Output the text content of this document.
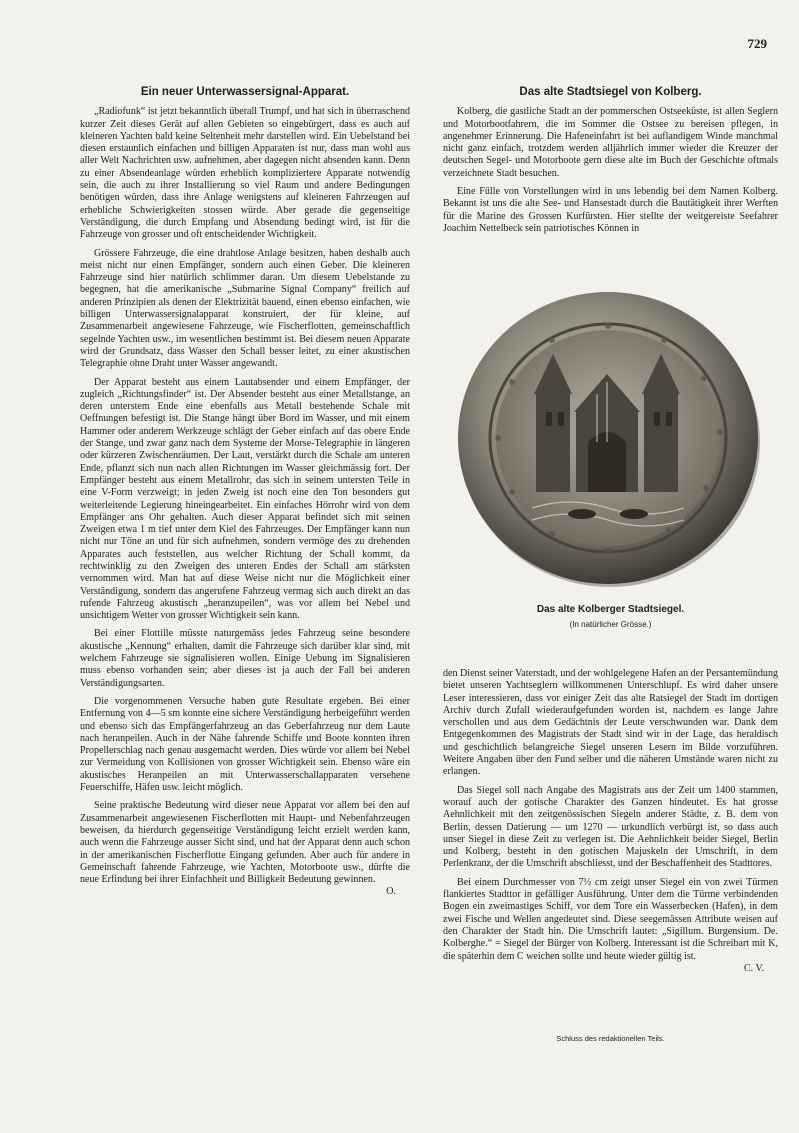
729
Ein neuer Unterwassersignal-Apparat.

„Radiofunk“ ist jetzt bekanntlich überall Trumpf, und hat sich in überraschend kurzer Zeit dieses Gerät auf allen Gebieten so eingebürgert, dass es auch auf kleineren Yachten bald keine Seltenheit mehr darstellen wird. Ein Uebelstand bei diesen erstaunlich einfachen und billigen Apparaten ist nur, dass man wohl aus aller Welt Nachrichten usw. aufnehmen, aber dagegen nicht absenden kann. Denn zu einer Absendeanlage würden erheblich kompliziertere Apparate notwendig sein, die auch zu ihrer Installierung so viel Raum und andere Bedingungen benötigen würden, dass ihre Anlage wenigstens auf kleineren Fahrzeugen auf erhebliche Schwierigkeiten stossen würde. Aber gerade die gegenseitige Verständigung, die durch Empfang und Absendung bedingt wird, ist für die Fahrzeuge von grosser und oft entscheidender Wichtigkeit.

Grössere Fahrzeuge, die eine drahtlose Anlage besitzen, haben deshalb auch meist nicht nur einen Empfänger, sondern auch einen Geber. Die kleineren Fahrzeuge sind hier natürlich schlimmer daran. Um diesem Uebelstande zu begegnen, hat die amerikanische „Submarine Signal Company“ freilich auf anderen Prinzipien als denen der Elektrizität bauend, einen ebenso einfachen, wie billigen Unterwassersignalapparat konstruiert, der für kleine, auf Zusammenarbeit angewiesene Fahrzeuge, wie Fischerflotten, gemeinschaftlich segelnde Yachten usw., im wesentlichen bestimmt ist. Bei diesem neuen Apparate wird der Grundsatz, dass Wasser den Schall besser leitet, zu einer akustischen Telegraphie ohne Draht unter Wasser angewandt.

Der Apparat besteht aus einem Lautabsender und einem Empfänger, der zugleich „Richtungsfinder“ ist. Der Absender besteht aus einer Metallstange, an deren unterstem Ende eine ebenfalls aus Metall bestehende Schale mit Oeffnungen befestigt ist. Die Stange hängt über Bord im Wasser, und mit einem Hammer oder anderem Werkzeuge schlägt der Geber einfach auf das obere Ende der Stange, und zwar ganz nach dem Systeme der Morse-Telegraphie in längeren oder kürzeren Zwischenräumen. Der Laut, verstärkt durch die Schale am unteren Ende, pflanzt sich nun nach allen Richtungen im Wasser gleichmässig fort. Der Empfänger besteht aus einem Metallrohr, das sich in seinem untersten Teile in eine V-Form verzweigt; in jeden Zweig ist noch eine den Ton besonders gut weiterleitende Legierung hineingearbeitet. Ein einfaches Hörrohr wird von dem Empfänger ans Ohr gehalten. Auch dieser Apparat befindet sich mit seinen Zweigen etwa 1 m tief unter dem Kiel des Fahrzeuges. Der Empfänger kann nun nicht nur Töne an und für sich aufnehmen, sondern vermöge des zu drehenden Apparates auch feststellen, aus welcher Richtung der Schall kommt, da rechtwinklig zu den Zweigen des unteren Endes der Schall am stärksten vernommen wird. Man hat auf diese Weise nicht nur die Möglichkeit einer Verständigung, sondern das angerufene Fahrzeug vermag sich auch direkt an das rufende Fahrzeug akustisch „heranzupeilen“, was vor allem bei Nebel und unsichtigem Wetter von grosser Wichtigkeit sein kann.

Bei einer Flottille müsste naturgemäss jedes Fahrzeug seine besondere akustische „Kennung“ erhalten, damit die Fahrzeuge sich darüber klar sind, mit welchem Fahrzeuge sie signalisieren wollen. Einige Uebung im Signalisieren muss ebenso vorhanden sein; aber dieses ist ja auch der Fall bei anderen Verständigungsarten.

Die vorgenommenen Versuche haben gute Resultate ergeben. Bei einer Entfernung von 4—5 sm konnte eine sichere Verständigung herbeigeführt werden und ebenso sich das Empfängerfahrzeug an das Geberfahrzeug nur dem Laute nach heranpeilen. Auch in der Nähe fahrende Schiffe und Boote konnten ihren Propellerschlag nach genau ausgemacht werden. Dies würde vor allem bei Nebel zur Vermeidung von Kollisionen von grosser Wichtigkeit sein. Ebenso wäre ein akustisches Heranpeilen an mit Unterwasserschallapparaten versehene Feuerschiffe, Häfen usw. leicht möglich.

Seine praktische Bedeutung wird dieser neue Apparat vor allem bei den auf Zusammenarbeit angewiesenen Fischerflotten mit Haupt- und Nebenfahrzeugen beweisen, da hierdurch gegenseitige Verständigung leicht erzielt werden kann, auch wenn die Fahrzeuge ausser Sicht sind, und hat der Apparat denn auch schon in der amerikanischen Fischerflotte Eingang gefunden. Aber auch für andere in Gemeinschaft fahrende Fahrzeuge, wie Yachten, Motorboote usw., dürfte die neue Erfindung bei ihrer Einfachheit und Billigkeit Bedeutung gewinnen.

O.
Das alte Stadtsiegel von Kolberg.

Kolberg, die gastliche Stadt an der pommerschen Ostseeküste, ist allen Seglern und Motorbootfahrern, die im Sommer die Ostsee zu bereisen pflegen, in angenehmer Erinnerung. Die Hafeneinfahrt ist bei auflandigem Winde manchmal nicht ganz einfach, trotzdem werden alljährlich immer wieder die Kreuzer der deutschen Segel- und Motorboote gern diese alte im Buch der Geschichte oftmals verzeichnete Stadt besuchen.

Eine Fülle von Vorstellungen wird in uns lebendig bei dem Namen Kolberg. Bekannt ist uns die alte See- und Hansestadt durch die Bautätigkeit ihrer Werften für die Marine des Grossen Kurfürsten. Hier stellte der weitgereiste Seefahrer Joachim Nettelbeck sein patriotisches Können in

Das alte Kolberger Stadtsiegel.
(In natürlicher Grösse.)

den Dienst seiner Vaterstadt, und der wohlgelegene Hafen an der Persantemündung bietet unseren Yachtseglern willkommenen Unterschlupf. Es wird daher unsere Leser interessieren, dass vor einiger Zeit das alte Ratsiegel der Stadt im dortigen Archiv durch Zufall wiederaufgefunden worden ist, nachdem es lange Jahre verschollen und aus dem Gedächtnis der Leute verschwunden war. Dank dem Entgegenkommen des Magistrats der Stadt sind wir in der Lage, das heraldisch und geschichtlich belangreiche Siegel unseren Lesern im Bilde vorzuführen. Weitere Angaben über den Fund selber und die näheren Umstände waren nicht zu erlangen.

Das Siegel soll nach Angabe des Magistrats aus der Zeit um 1400 stammen, worauf auch der gotische Charakter des Ganzen hindeutet. Es hat grosse Aehnlichkeit mit den zeitgenössischen Siegeln anderer Städte, z. B. dem von Berlin, dessen Datierung — um 1270 — urkundlich verbürgt ist, so dass auch unser Siegel in diese Zeit zu verlegen ist. Die Aehnlichkeit beider Siegel, Berlin und Kolberg, besteht in den gotischen Majuskeln der Umschrift, in dem Perlenkranz, der die Umschrift abschliesst, und der Beschaffenheit des Stadttores.

Bei einem Durchmesser von 7½ cm zeigt unser Siegel ein von zwei Türmen flankiertes Stadttor in gefälliger Ausführung. Unter dem die Türme verbindenden Bogen ein zweimastiges Schiff, vor dem Tore ein Wasserbecken (Hafen), in dem zwei Fische und Wellen angedeutet sind. Diese seegemässen Attribute weisen auf den Charakter der Stadt hin. Die Umschrift lautet: „Sigillum. Burgensium. De. Kolberghe.“ = Siegel der Bürger von Kolberg. Interessant ist die Schreibart mit K, die späterhin dem C weichen sollte und heute wieder gültig ist.

C. V.
Schluss des redaktionellen Teils.
